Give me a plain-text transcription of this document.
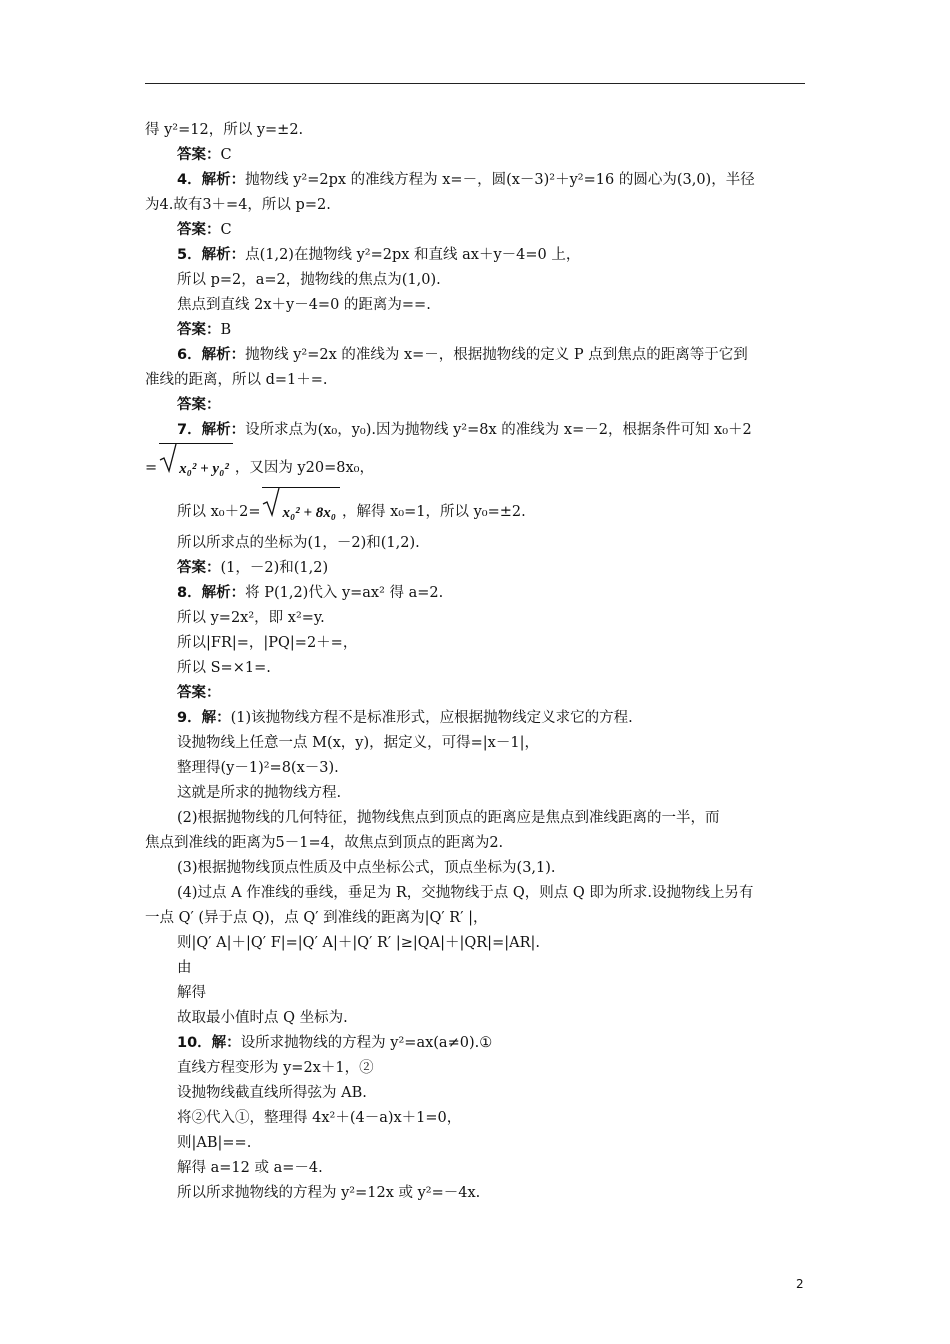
得 y²=12，所以 y=±2.
答案：C
4．解析：抛物线 y²=2px 的准线方程为 x=－，圆(x－3)²＋y²=16 的圆心为(3,0)，半径
为4.故有3＋=4，所以 p=2.
答案：C
5．解析：点(1,2)在抛物线 y²=2px 和直线 ax＋y－4=0 上，
所以 p=2，a=2，抛物线的焦点为(1,0).
焦点到直线 2x＋y－4=0 的距离为==.
答案：B
6．解析：抛物线 y²=2x 的准线为 x=－，根据抛物线的定义 P 点到焦点的距离等于它到
准线的距离，所以 d=1＋=.
答案：
7．解析：设所求点为(x₀，y₀).因为抛物线 y²=8x 的准线为 x=－2，根据条件可知 x₀＋2
= x₀² + y₀² ，又因为 y20=8x₀，
所以 x₀＋2= x₀² + 8x₀ ，解得 x₀=1，所以 y₀=±2.
所以所求点的坐标为(1，－2)和(1,2).
答案：(1，－2)和(1,2)
8．解析：将 P(1,2)代入 y=ax² 得 a=2.
所以 y=2x²，即 x²=y.
所以|FR|=，|PQ|=2＋=，
所以 S=×1=.
答案：
9．解：(1)该抛物线方程不是标准形式，应根据抛物线定义求它的方程.
设抛物线上任意一点 M(x，y)，据定义，可得=|x－1|，
整理得(y－1)²=8(x－3).
这就是所求的抛物线方程.
(2)根据抛物线的几何特征，抛物线焦点到顶点的距离应是焦点到准线距离的一半，而
焦点到准线的距离为5－1=4，故焦点到顶点的距离为2.
(3)根据抛物线顶点性质及中点坐标公式，顶点坐标为(3,1).
(4)过点 A 作准线的垂线，垂足为 R，交抛物线于点 Q，则点 Q 即为所求.设抛物线上另有
一点 Q′ (异于点 Q)，点 Q′ 到准线的距离为|Q′ R′ |，
则|Q′ A|＋|Q′ F|=|Q′ A|＋|Q′ R′ |≥|QA|＋|QR|=|AR|.
由
解得
故取最小值时点 Q 坐标为.
10．解：设所求抛物线的方程为 y²=ax(a≠0).①
直线方程变形为 y=2x＋1，②
设抛物线截直线所得弦为 AB.
将②代入①，整理得 4x²＋(4－a)x＋1=0，
则|AB|==.
解得 a=12 或 a=－4.
所以所求抛物线的方程为 y²=12x 或 y²=－4x.
2
